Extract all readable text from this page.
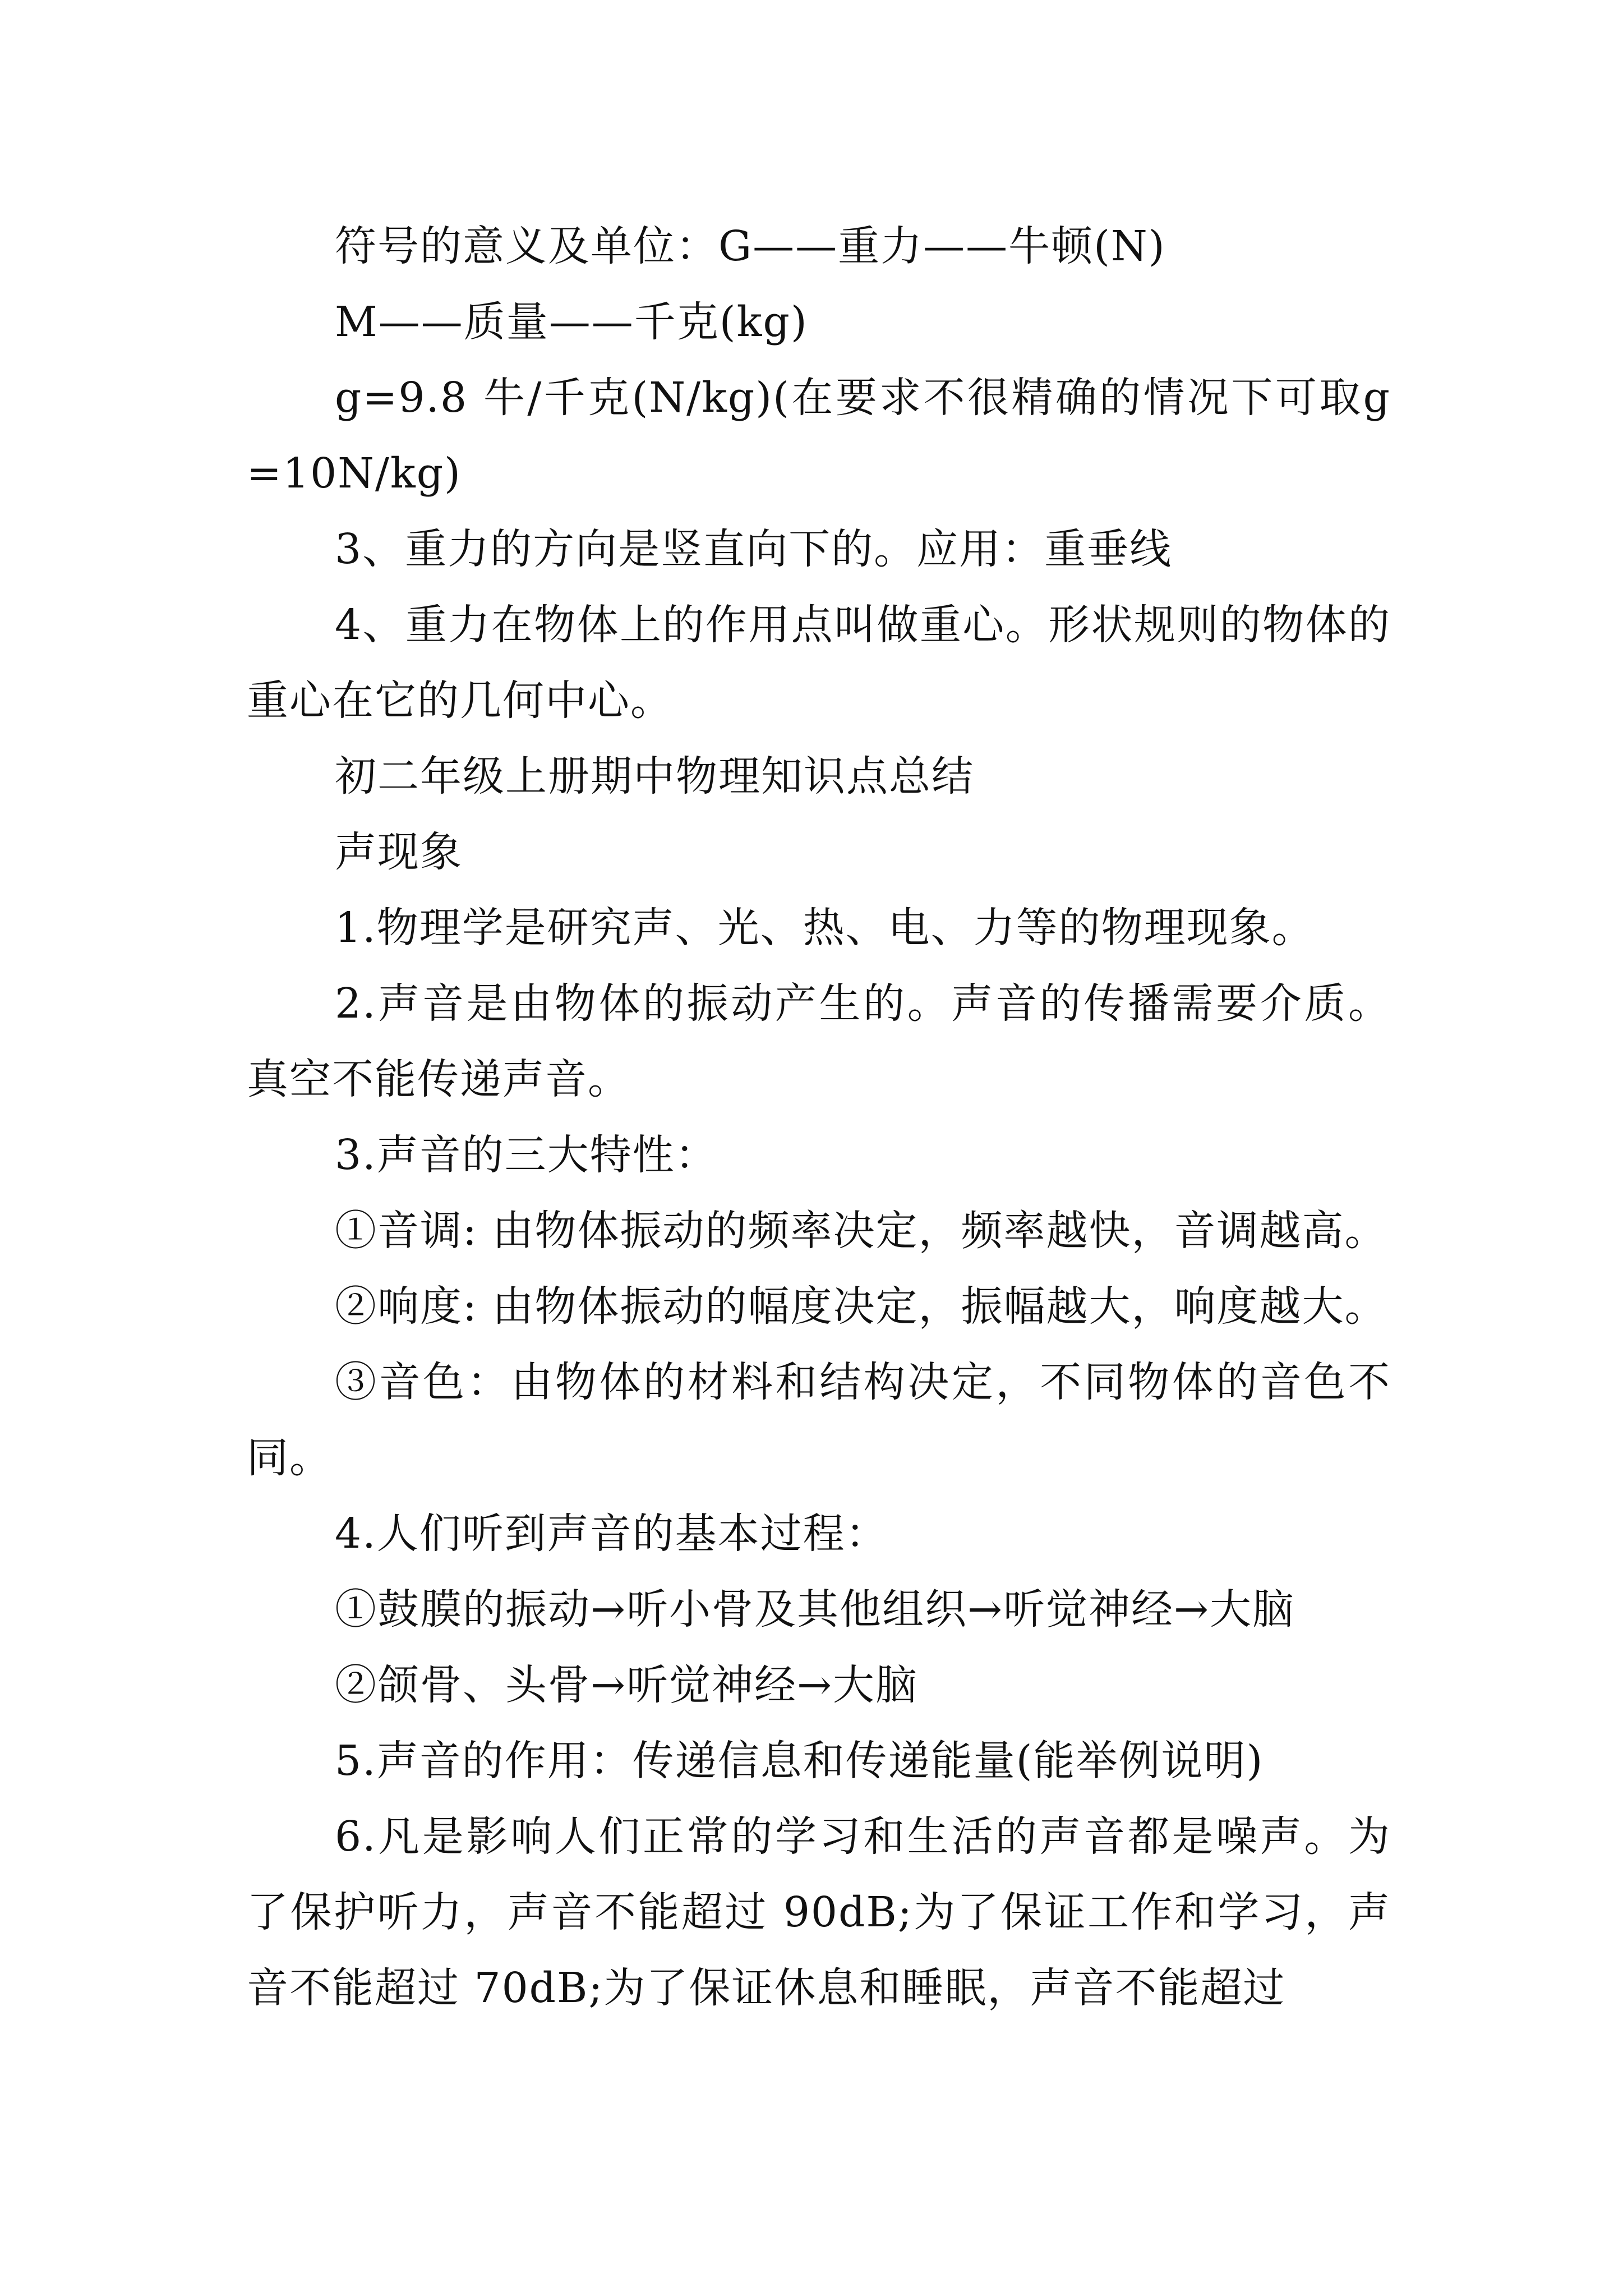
符号的意义及单位：G——重力——牛顿(N)

M——质量——千克(kg)

g=9.8 牛/千克(N/kg)(在要求不很精确的情况下可取g=10N/kg)

3、重力的方向是竖直向下的。应用：重垂线

4、重力在物体上的作用点叫做重心。形状规则的物体的重心在它的几何中心。

初二年级上册期中物理知识点总结

声现象

1.物理学是研究声、光、热、电、力等的物理现象。

2.声音是由物体的振动产生的。声音的传播需要介质。真空不能传递声音。

3.声音的三大特性：

①音调: 由物体振动的频率决定，频率越快，音调越高。

②响度: 由物体振动的幅度决定，振幅越大，响度越大。

③音色：由物体的材料和结构决定，不同物体的音色不同。

4.人们听到声音的基本过程：

①鼓膜的振动→听小骨及其他组织→听觉神经→大脑

②颌骨、头骨→听觉神经→大脑

5.声音的作用：传递信息和传递能量(能举例说明)

6.凡是影响人们正常的学习和生活的声音都是噪声。为了保护听力，声音不能超过 90dB;为了保证工作和学习，声音不能超过 70dB;为了保证休息和睡眠，声音不能超过
